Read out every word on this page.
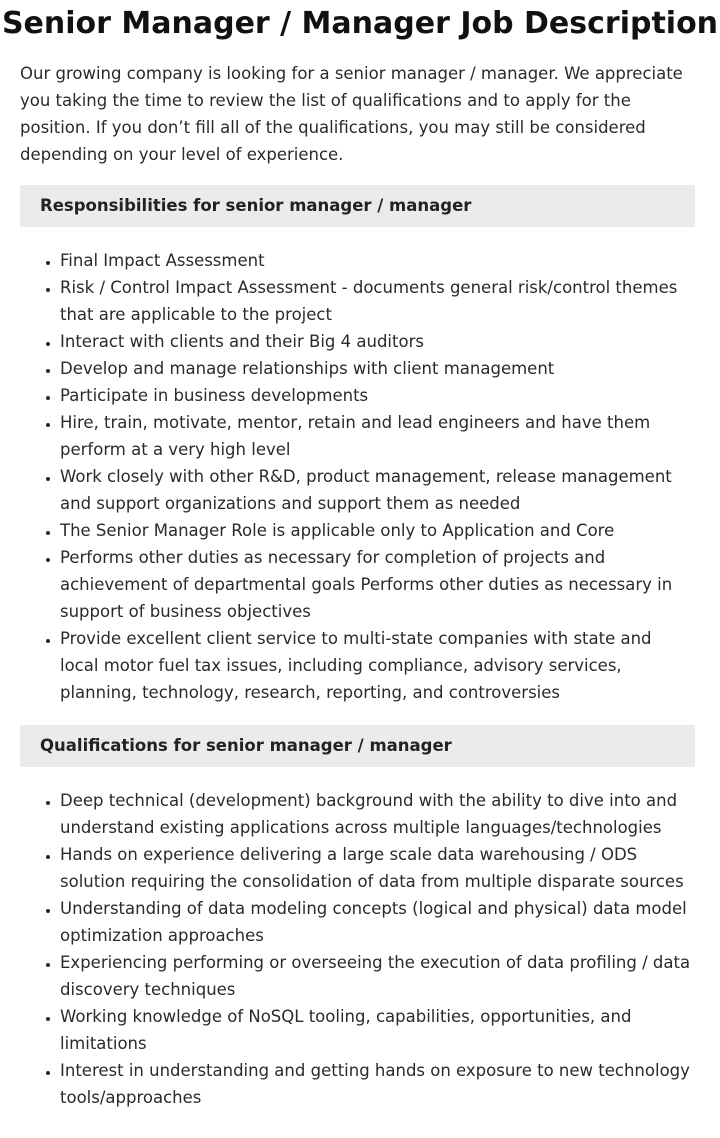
Senior Manager / Manager Job Description

Our growing company is looking for a senior manager / manager. We appreciate you taking the time to review the list of qualifications and to apply for the position. If you don’t fill all of the qualifications, you may still be considered depending on your level of experience.

Responsibilities for senior manager / manager
• Final Impact Assessment
• Risk / Control Impact Assessment - documents general risk/control themes that are applicable to the project
• Interact with clients and their Big 4 auditors
• Develop and manage relationships with client management
• Participate in business developments
• Hire, train, motivate, mentor, retain and lead engineers and have them perform at a very high level
• Work closely with other R&D, product management, release management and support organizations and support them as needed
• The Senior Manager Role is applicable only to Application and Core
• Performs other duties as necessary for completion of projects and achievement of departmental goals Performs other duties as necessary in support of business objectives
• Provide excellent client service to multi-state companies with state and local motor fuel tax issues, including compliance, advisory services, planning, technology, research, reporting, and controversies
Qualifications for senior manager / manager
• Deep technical (development) background with the ability to dive into and understand existing applications across multiple languages/technologies
• Hands on experience delivering a large scale data warehousing / ODS solution requiring the consolidation of data from multiple disparate sources
• Understanding of data modeling concepts (logical and physical) data model optimization approaches
• Experiencing performing or overseeing the execution of data profiling / data discovery techniques
• Working knowledge of NoSQL tooling, capabilities, opportunities, and limitations
• Interest in understanding and getting hands on exposure to new technology tools/approaches
